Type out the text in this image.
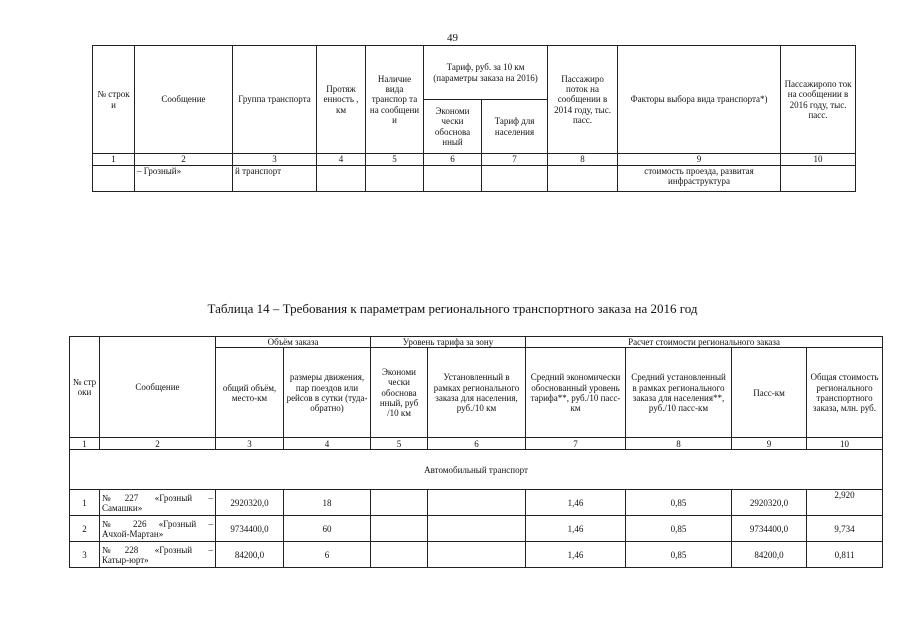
49
№ строк и	Сообщение	Группа транспорта	Протяж енность , км	Наличие вида транспор та на сообщени и	Тариф, руб. за 10 км (параметры заказа на 2016)		Пассажиро поток на сообщении в 2014 году, тыс. пасс.	Факторы выбора вида транспорта*)	Пассажиропо ток на сообщении в 2016 году, тыс. пасс.
					Экономи чески обоснова нный	Тариф для населения			
1	2	3	4	5	6	7	8	9	10
	– Грозный»	й транспорт						стоимость проезда, развитая инфраструктура	
Таблица 14 – Требования к параметрам регионального транспортного заказа на 2016 год
№ стр оки	Сообщение	Объём заказа		Уровень тарифа за зону		Расчет стоимости регионального заказа			
		общий объём, место-км	размеры движения, пар поездов или рейсов в сутки (туда-обратно)	Экономи чески обоснова нный, руб /10 км	Установленный в рамках регионального заказа для населения, руб./10 км	Средний экономически обоснованный уровень тарифа**, руб./10 пасс-км	Средний установленный в рамках регионального заказа для населения**, руб./10 пасс-км	Пасс-км	Общая стоимость регионального транспортного заказа, млн. руб.
1	2	3	4	5	6	7	8	9	10
Автомобильный транспорт									
1	№227 «Грозный –
Самашки»	2920320,0	18			1,46	0,85	2920320,0	2,920
2	№ 226 «Грозный –
Ачхой-Мартан»	9734400,0	60			1,46	0,85	9734400,0	9,734
3	№228 «Грозный –
Катыр-юрт»	84200,0	6			1,46	0,85	84200,0	0,811
